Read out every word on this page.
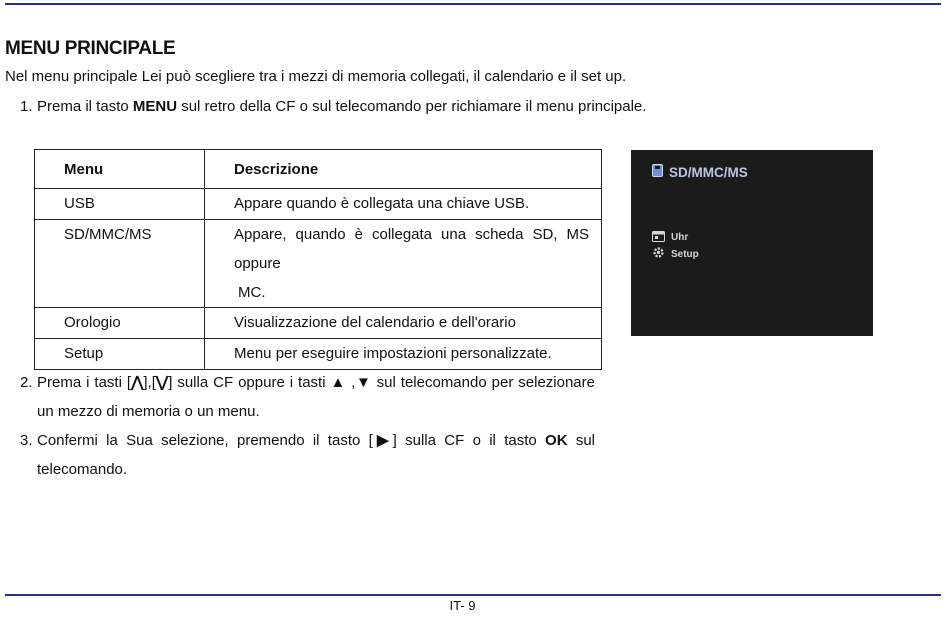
MENU PRINCIPALE
Nel menu principale Lei può scegliere tra i mezzi di memoria collegati, il calendario e il set up.
1. Prema il tasto MENU sul retro della CF o sul telecomando per richiamare il menu principale.
Menu	Descrizione
USB	Appare quando è collegata una chiave USB.
SD/MMC/MS	Appare, quando è collegata una scheda SD, MS oppure
MC.

Orologio	Visualizzazione del calendario e dell'orario
Setup	Menu per eseguire impostazioni personalizzate.
SD/MMC/MS
Uhr
Setup
2. Prema i tasti [⋀],[⋁] sulla CF oppure i tasti ▲ ,▼ sul telecomando per selezionare
un mezzo di memoria o un menu.
3. Confermi la Sua selezione, premendo il tasto [▶] sulla CF o il tasto OK sul
telecomando.
IT- 9
